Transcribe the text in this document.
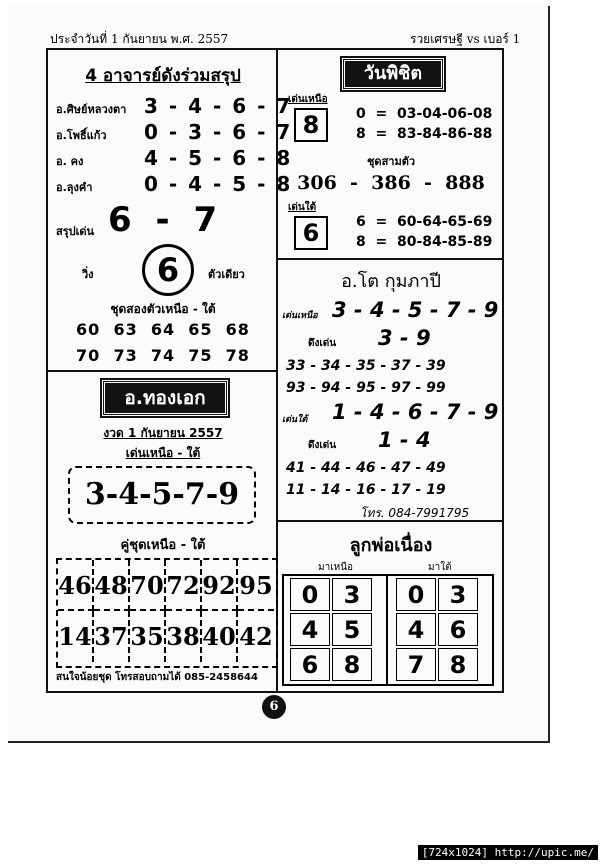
ประจำวันที่ 1 กันยายน พ.ศ. 2557	รวยเศรษฐี vs เบอร์ 1
4 อาจารย์ดังร่วมสรุป
อ.ศิษย์หลวงตา 3 - 4 - 6 - 7
อ.โพธิ์แก้ว 0 - 3 - 6 - 7
อ. คง	4 - 5 - 6 - 8
อ.ลุงคำ	0 - 4 - 5 - 8
สรุปเด่น 6 - 7
วิ่ง	6	ตัวเดียว
ชุดสองตัวเหนือ - ใต้
60  63  64  65  68
70  73  74  75  78
วันพิชิต
เด่นเหนือ
8	0  =  03-04-06-08
8  =  83-84-86-88
ชุดสามตัว
306  -  386  -  888
เด่นใต้
6	6  =  60-64-65-69
8  =  80-84-85-89
อ.โต กุมภาปี
เด่นเหนือ 3 - 4 - 5 - 7 - 9
ดึงเด่น 3 - 9
33 - 34 - 35 - 37 - 39
93 - 94 - 95 - 97 - 99
เด่นใต้ 1 - 4 - 6 - 7 - 9
ดึงเด่น 1 - 4
41 - 44 - 46 - 47 - 49
11 - 14 - 16 - 17 - 19
โทร. 084-7991795
อ.ทองเอก
งวด 1 กันยายน 2557
เด่นเหนือ - ใต้
3-4-5-7-9
คู่ชุดเหนือ - ใต้
46 48 70 72 92 95
14 37 35 38 40 42
สนใจน้อยชุด โทรสอบถามได้ 085-2458644
ลูกพ่อเนื่อง
มาเหนือ	มาใต้
0	3
4	5
6	8
0	3
4	6
7	8
6
[724x1024] http://upic.me/
